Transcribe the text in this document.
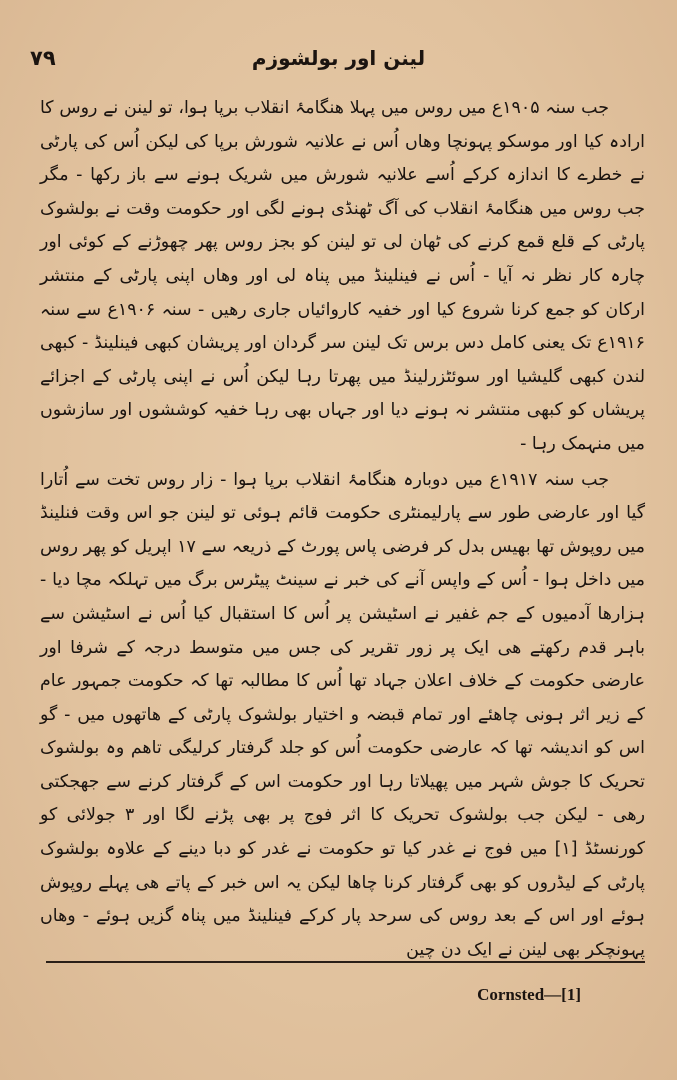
۷۹	لینن اور بولشوزم

جب سنہ ۱۹۰۵ع میں روس میں پہلا ھنگامۂ انقلاب برپا ہوا، تو لینن نے روس کا ارادہ کیا اور موسکو پہونچا وھاں اُس نے علانیہ شورش برپا کی لیکن اُس کی پارٹی نے خطرے کا اندازہ کرکے اُسے علانیہ شورش میں شریک ہونے سے باز رکھا - مگر جب روس میں ھنگامۂ انقلاب کی آگ ٹھنڈی ہونے لگی اور حکومت وقت نے بولشوک پارٹی کے قلع قمع کرنے کی ٹھان لی تو لینن کو بجز روس پھر چھوڑنے کے کوئی اور چارہ کار نظر نہ آیا - اُس نے فینلینڈ میں پناہ لی اور وھاں اپنی پارٹی کے منتشر ارکان کو جمع کرنا شروع کیا اور خفیہ کاروائیاں جاری رھیں - سنہ ۱۹۰۶ع سے سنہ ۱۹۱۶ع تک یعنی کامل دس برس تک لینن سر گردان اور پریشان کبھی فینلینڈ - کبھی لندن کبھی گلیشیا اور سوئٹزرلینڈ میں پھرتا رہا لیکن اُس نے اپنی پارٹی کے اجزائے پریشاں کو کبھی منتشر نہ ہونے دیا اور جہاں بھی رہا خفیہ کوششوں اور سازشوں میں منہمک رہا -

جب سنہ ۱۹۱۷ع میں دوبارہ ھنگامۂ انقلاب برپا ہوا - زار روس تخت سے اُتارا گیا اور عارضی طور سے پارلیمنٹری حکومت قائم ہوئی تو لینن جو اس وقت فنلینڈ میں روپوش تھا بھیس بدل کر فرضی پاس پورٹ کے ذریعہ سے ۱۷ اپریل کو پھر روس میں داخل ہوا - اُس کے واپس آنے کی خبر نے سینٹ پیٹرس برگ میں تہلکہ مچا دیا - ہزارھا آدمیوں کے جم غفیر نے اسٹیشن پر اُس کا استقبال کیا اُس نے اسٹیشن سے باہر قدم رکھتے ھی ایک پر زور تقریر کی جس میں متوسط درجہ کے شرفا اور عارضی حکومت کے خلاف اعلان جہاد تھا اُس کا مطالبہ تھا کہ حکومت جمہور عام کے زیر اثر ہونی چاھئے اور تمام قبضہ و اختیار بولشوک پارٹی کے ھاتھوں میں - گو اس کو اندیشہ تھا کہ عارضی حکومت اُس کو جلد گرفتار کرلیگی تاھم وہ بولشوک تحریک کا جوش شہر میں پھیلاتا رہا اور حکومت اس کے گرفتار کرنے سے جھجکتی رھی - لیکن جب بولشوک تحریک کا اثر فوج پر بھی پڑنے لگا اور ۳ جولائی کو کورنسٹڈ [۱] میں فوج نے غدر کیا تو حکومت نے غدر کو دبا دینے کے علاوہ بولشوک پارٹی کے لیڈروں کو بھی گرفتار کرنا چاھا لیکن یہ اس خبر کے پاتے ھی پہلے روپوش ہوئے اور اس کے بعد روس کی سرحد پار کرکے فینلینڈ میں پناہ گزیں ہوئے - وھاں پہونچکر بھی لینن نے ایک دن چین

Cornsted—[1]
